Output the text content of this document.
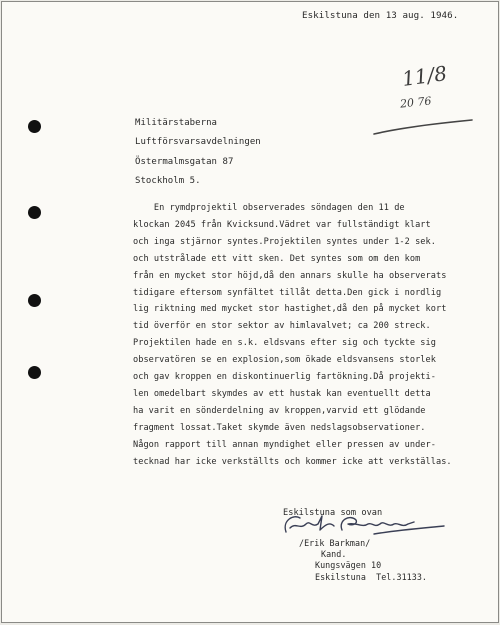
Eskilstuna den 13 aug. 1946.
11/8
20 76
Militärstaberna
Luftförsvarsavdelningen
Östermalmsgatan 87
Stockholm 5.
En rymdprojektil observerades söndagen den 11 de
klockan 2045 från Kvicksund.Vädret var fullständigt klart
och inga stjärnor syntes.Projektilen syntes under 1-2 sek.
och utstrålade ett vitt sken. Det syntes som om den kom
från en mycket stor höjd,då den annars skulle ha observerats
tidigare eftersom synfältet tillåt detta.Den gick i nordlig
lig riktning med mycket stor hastighet,då den på mycket kort
tid överför en stor sektor av himlavalvet; ca 200 streck.
Projektilen hade en s.k. eldsvans efter sig och tyckte sig
observatören se en explosion,som ökade eldsvansens storlek
och gav kroppen en diskontinuerlig fartökning.Då projekti-
len omedelbart skymdes av ett hustak kan eventuellt detta
ha varit en sönderdelning av kroppen,varvid ett glödande
fragment lossat.Taket skymde även nedslagsobservationer.
Någon rapport till annan myndighet eller pressen av under-
tecknad har icke verkställts och kommer icke att verkställas.
Eskilstuna som ovan
/Erik Barkman/
Kand.
Kungsvägen 10
Eskilstuna  Tel.31133.
